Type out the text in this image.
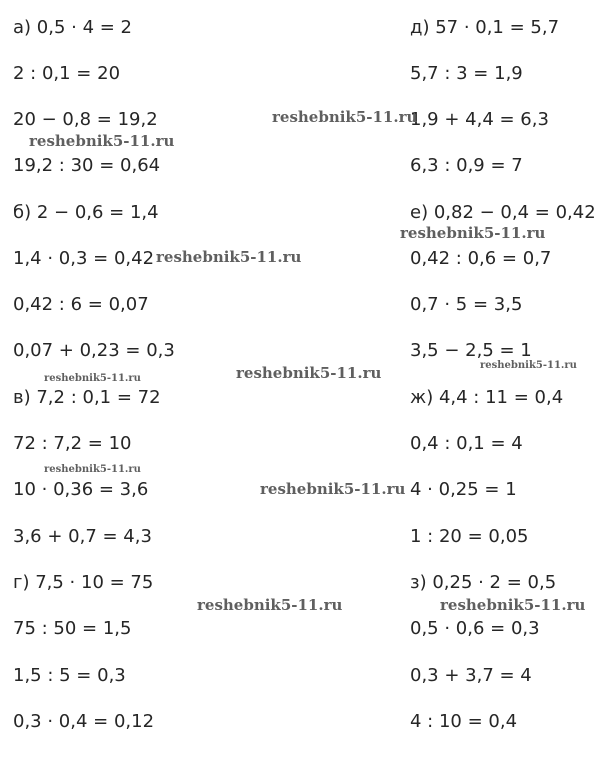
а) 0,5 · 4 = 2
2 : 0,1 = 20
20 − 0,8 = 19,2
19,2 : 30 = 0,64
б) 2 − 0,6 = 1,4
1,4 · 0,3 = 0,42
0,42 : 6 = 0,07
0,07 + 0,23 = 0,3
в) 7,2 : 0,1 = 72
72 : 7,2 = 10
10 · 0,36 = 3,6
3,6 + 0,7 = 4,3
г) 7,5 · 10 = 75
75 : 50 = 1,5
1,5 : 5 = 0,3
0,3 · 0,4 = 0,12
д) 57 · 0,1 = 5,7
5,7 : 3 = 1,9
1,9 + 4,4 = 6,3
6,3 : 0,9 = 7
е) 0,82 − 0,4 = 0,42
0,42 : 0,6 = 0,7
0,7 · 5 = 3,5
3,5 − 2,5 = 1
ж) 4,4 : 11 = 0,4
0,4 : 0,1 = 4
4 · 0,25 = 1
1 : 20 = 0,05
з) 0,25 · 2 = 0,5
0,5 · 0,6 = 0,3
0,3 + 3,7 = 4
4 : 10 = 0,4
reshebnik5-11.ru
reshebnik5-11.ru
reshebnik5-11.ru
reshebnik5-11.ru
reshebnik5-11.ru	reshebnik5-11.ru
reshebnik5-11.ru
reshebnik5-11.ru
reshebnik5-11.ru
reshebnik5-11.ru	reshebnik5-11.ru
